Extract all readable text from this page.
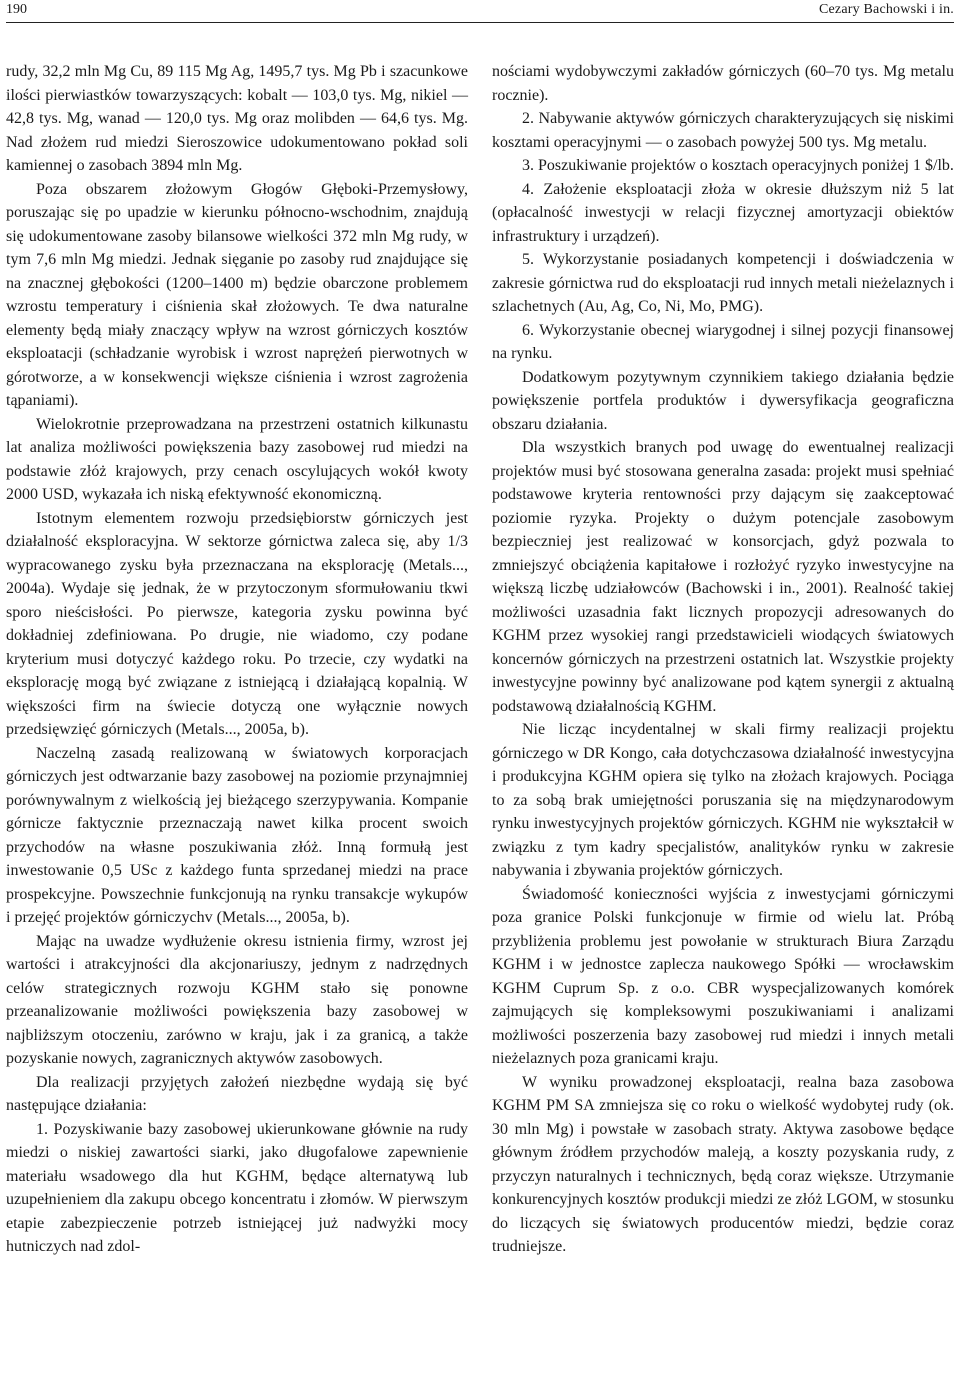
190	Cezary Bachowski i in.

rudy, 32,2 mln Mg Cu, 89 115 Mg Ag, 1495,7 tys. Mg Pb i szacunkowe ilości pierwiastków towarzyszących: kobalt — 103,0 tys. Mg, nikiel — 42,8 tys. Mg, wanad — 120,0 tys. Mg oraz molibden — 64,6 tys. Mg. Nad złożem rud miedzi Sieroszowice udokumentowano pokład soli kamiennej o zasobach 3894 mln Mg.

Poza obszarem złożowym Głogów Głęboki-Przemysłowy, poruszając się po upadzie w kierunku północno-wschodnim, znajdują się udokumentowane zasoby bilansowe wielkości 372 mln Mg rudy, w tym 7,6 mln Mg miedzi. Jednak sięganie po zasoby rud znajdujące się na znacznej głębokości (1200–1400 m) będzie obarczone problemem wzrostu temperatury i ciśnienia skał złożowych. Te dwa naturalne elementy będą miały znaczący wpływ na wzrost górniczych kosztów eksploatacji (schładzanie wyrobisk i wzrost naprężeń pierwotnych w górotworze, a w konsekwencji większe ciśnienia i wzrost zagrożenia tąpaniami).

Wielokrotnie przeprowadzana na przestrzeni ostatnich kilkunastu lat analiza możliwości powiększenia bazy zasobowej rud miedzi na podstawie złóż krajowych, przy cenach oscylujących wokół kwoty 2000 USD, wykazała ich niską efektywność ekonomiczną.

Istotnym elementem rozwoju przedsiębiorstw górniczych jest działalność eksploracyjna. W sektorze górnictwa zaleca się, aby 1/3 wypracowanego zysku była przeznaczana na eksplorację (Metals..., 2004a). Wydaje się jednak, że w przytoczonym sformułowaniu tkwi sporo nieścisłości. Po pierwsze, kategoria zysku powinna być dokładniej zdefiniowana. Po drugie, nie wiadomo, czy podane kryterium musi dotyczyć każdego roku. Po trzecie, czy wydatki na eksplorację mogą być związane z istniejącą i działającą kopalnią. W większości firm na świecie dotyczą one wyłącznie nowych przedsięwzięć górniczych (Metals..., 2005a, b).

Naczelną zasadą realizowaną w światowych korporacjach górniczych jest odtwarzanie bazy zasobowej na poziomie przynajmniej porównywalnym z wielkością jej bieżącego szerzypywania. Kompanie górnicze faktycznie przeznaczają nawet kilka procent swoich przychodów na własne poszukiwania złóż. Inną formułą jest inwestowanie 0,5 USc z każdego funta sprzedanej miedzi na prace prospekcyjne. Powszechnie funkcjonują na rynku transakcje wykupów i przejęć projektów górniczychv (Metals..., 2005a, b).

Mając na uwadze wydłużenie okresu istnienia firmy, wzrost jej wartości i atrakcyjności dla akcjonariuszy, jednym z nadrzędnych celów strategicznych rozwoju KGHM stało się ponowne przeanalizowanie możliwości powiększenia bazy zasobowej w najbliższym otoczeniu, zarówno w kraju, jak i za granicą, a także pozyskanie nowych, zagranicznych aktywów zasobowych.

Dla realizacji przyjętych założeń niezbędne wydają się być następujące działania:

1. Pozyskiwanie bazy zasobowej ukierunkowane głównie na rudy miedzi o niskiej zawartości siarki, jako długofalowe zapewnienie materiału wsadowego dla hut KGHM, będące alternatywą lub uzupełnieniem dla zakupu obcego koncentratu i złomów. W pierwszym etapie zabezpieczenie potrzeb istniejącej już nadwyżki mocy hutniczych nad zdol-

nościami wydobywczymi zakładów górniczych (60–70 tys. Mg metalu rocznie).

2. Nabywanie aktywów górniczych charakteryzujących się niskimi kosztami operacyjnymi — o zasobach powyżej 500 tys. Mg metalu.

3. Poszukiwanie projektów o kosztach operacyjnych poniżej 1 $/lb.

4. Założenie eksploatacji złoża w okresie dłuższym niż 5 lat (opłacalność inwestycji w relacji fizycznej amortyzacji obiektów infrastruktury i urządzeń).

5. Wykorzystanie posiadanych kompetencji i doświadczenia w zakresie górnictwa rud do eksploatacji rud innych metali nieżelaznych i szlachetnych (Au, Ag, Co, Ni, Mo, PMG).

6. Wykorzystanie obecnej wiarygodnej i silnej pozycji finansowej na rynku.

Dodatkowym pozytywnym czynnikiem takiego działania będzie powiększenie portfela produktów i dywersyfikacja geograficzna obszaru działania.

Dla wszystkich branych pod uwagę do ewentualnej realizacji projektów musi być stosowana generalna zasada: projekt musi spełniać podstawowe kryteria rentowności przy dającym się zaakceptować poziomie ryzyka. Projekty o dużym potencjale zasobowym bezpieczniej jest realizować w konsorcjach, gdyż pozwala to zmniejszyć obciążenia kapitałowe i rozłożyć ryzyko inwestycyjne na większą liczbę udziałowców (Bachowski i in., 2001). Realność takiej możliwości uzasadnia fakt licznych propozycji adresowanych do KGHM przez wysokiej rangi przedstawicieli wiodących światowych koncernów górniczych na przestrzeni ostatnich lat. Wszystkie projekty inwestycyjne powinny być analizowane pod kątem synergii z aktualną podstawową działalnością KGHM.

Nie licząc incydentalnej w skali firmy realizacji projektu górniczego w DR Kongo, cała dotychczasowa działalność inwestycyjna i produkcyjna KGHM opiera się tylko na złożach krajowych. Pociąga to za sobą brak umiejętności poruszania się na międzynarodowym rynku inwestycyjnych projektów górniczych. KGHM nie wykształcił w związku z tym kadry specjalistów, analityków rynku w zakresie nabywania i zbywania projektów górniczych.

Świadomość konieczności wyjścia z inwestycjami górniczymi poza granice Polski funkcjonuje w firmie od wielu lat. Próbą przybliżenia problemu jest powołanie w strukturach Biura Zarządu KGHM i w jednostce zaplecza naukowego Spółki — wrocławskim KGHM Cuprum Sp. z o.o. CBR wyspecjalizowanych komórek zajmujących się kompleksowymi poszukiwaniami i analizami możliwości poszerzenia bazy zasobowej rud miedzi i innych metali nieżelaznych poza granicami kraju.

W wyniku prowadzonej eksploatacji, realna baza zasobowa KGHM PM SA zmniejsza się co roku o wielkość wydobytej rudy (ok. 30 mln Mg) i powstałe w zasobach straty. Aktywa zasobowe będące głównym źródłem przychodów maleją, a koszty pozyskania rudy, z przyczyn naturalnych i technicznych, będą coraz większe. Utrzymanie konkurencyjnych kosztów produkcji miedzi ze złóż LGOM, w stosunku do liczących się światowych producentów miedzi, będzie coraz trudniejsze.
